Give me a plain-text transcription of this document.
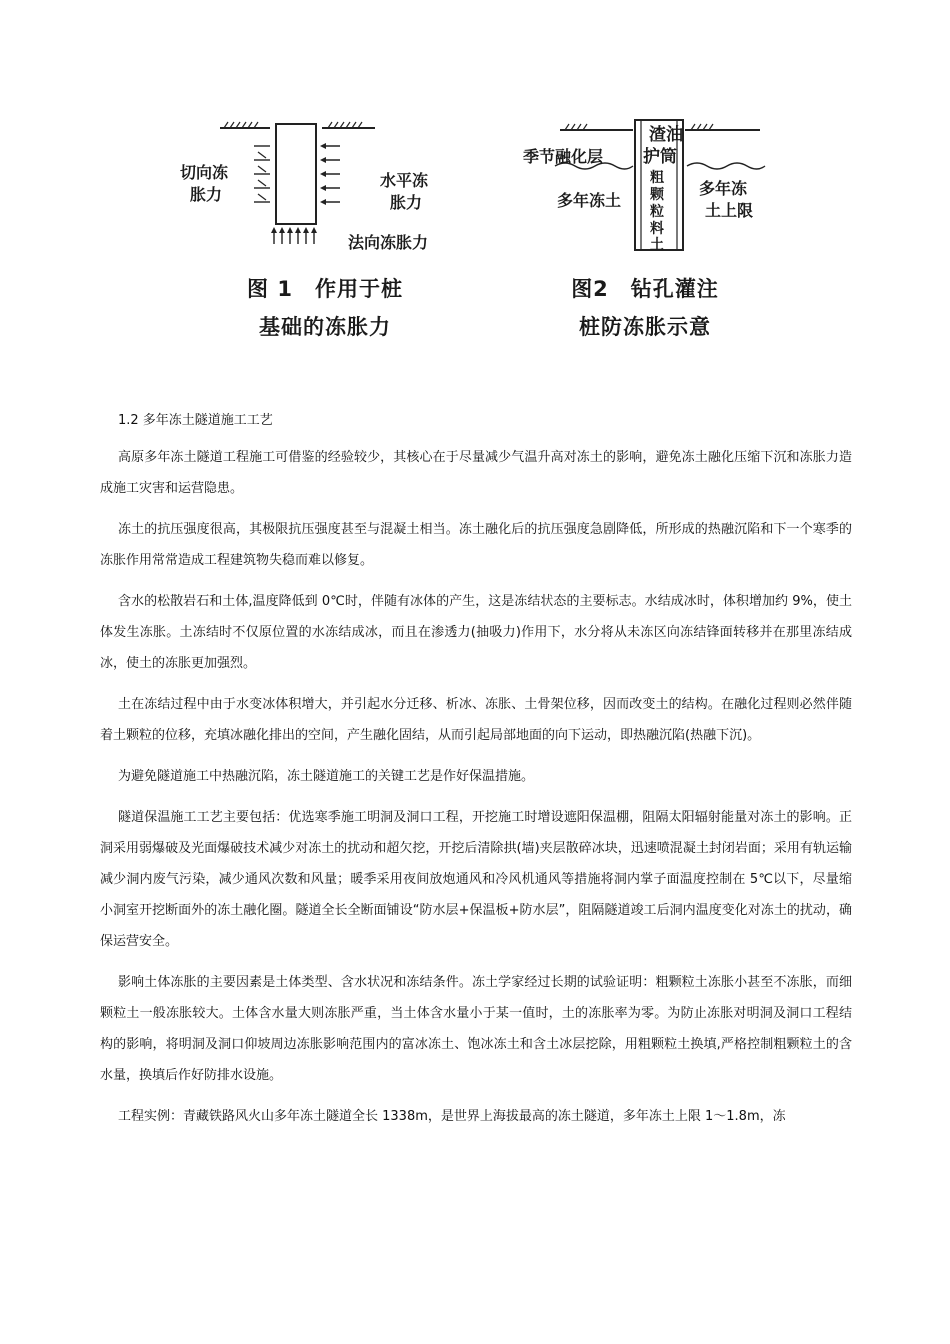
切向冻
胀力
水平冻
胀力
法向冻胀力
图 1　作用于桩
基础的冻胀力
季节融化层
多年冻土
渣油
护筒
粗
颗
粒
料
土
多年冻
土上限
图2　钻孔灌注
桩防冻胀示意
1.2 多年冻土隧道施工工艺

高原多年冻土隧道工程施工可借鉴的经验较少，其核心在于尽量减少气温升高对冻土的影响，避免冻土融化压缩下沉和冻胀力造成施工灾害和运营隐患。

冻土的抗压强度很高，其极限抗压强度甚至与混凝土相当。冻土融化后的抗压强度急剧降低，所形成的热融沉陷和下一个寒季的冻胀作用常常造成工程建筑物失稳而难以修复。

含水的松散岩石和土体,温度降低到 0℃时，伴随有冰体的产生，这是冻结状态的主要标志。水结成冰时，体积增加约 9%，使土体发生冻胀。土冻结时不仅原位置的水冻结成冰，而且在渗透力(抽吸力)作用下，水分将从未冻区向冻结锋面转移并在那里冻结成冰，使土的冻胀更加强烈。

土在冻结过程中由于水变冰体积增大，并引起水分迁移、析冰、冻胀、土骨架位移，因而改变土的结构。在融化过程则必然伴随着土颗粒的位移，充填冰融化排出的空间，产生融化固结，从而引起局部地面的向下运动，即热融沉陷(热融下沉)。

为避免隧道施工中热融沉陷，冻土隧道施工的关键工艺是作好保温措施。

隧道保温施工工艺主要包括：优选寒季施工明洞及洞口工程，开挖施工时增设遮阳保温棚，阻隔太阳辐射能量对冻土的影响。正洞采用弱爆破及光面爆破技术减少对冻土的扰动和超欠挖，开挖后清除拱(墙)夹层散碎冰块，迅速喷混凝土封闭岩面；采用有轨运输减少洞内废气污染，减少通风次数和风量；暖季采用夜间放炮通风和冷风机通风等措施将洞内掌子面温度控制在 5℃以下，尽量缩小洞室开挖断面外的冻土融化圈。隧道全长全断面铺设“防水层+保温板+防水层”，阻隔隧道竣工后洞内温度变化对冻土的扰动，确保运营安全。

影响土体冻胀的主要因素是土体类型、含水状况和冻结条件。冻土学家经过长期的试验证明：粗颗粒土冻胀小甚至不冻胀，而细颗粒土一般冻胀较大。土体含水量大则冻胀严重，当土体含水量小于某一值时，土的冻胀率为零。为防止冻胀对明洞及洞口工程结构的影响，将明洞及洞口仰坡周边冻胀影响范围内的富冰冻土、饱冰冻土和含土冰层挖除，用粗颗粒土换填,严格控制粗颗粒土的含水量，换填后作好防排水设施。

工程实例：青藏铁路风火山多年冻土隧道全长 1338m，是世界上海拔最高的冻土隧道，多年冻土上限 1～1.8m，冻
